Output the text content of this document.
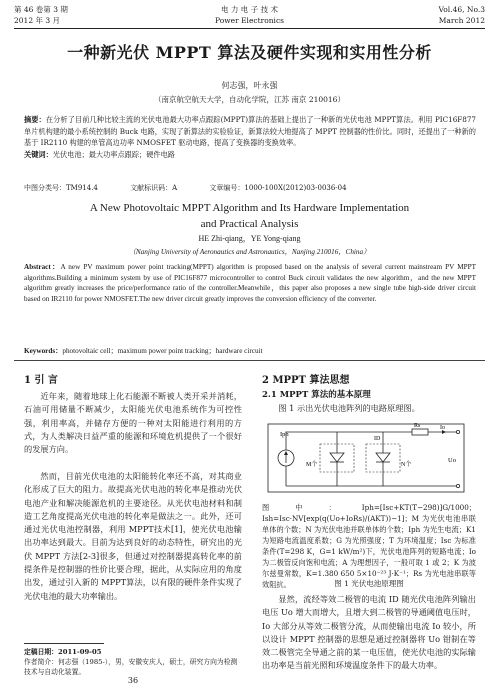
第 46 卷第 3 期
2012 年 3 月
电 力 电 子 技 术
Power Electronics
Vol.46, No.3
March 2012
一种新光伏 MPPT 算法及硬件实现和实用性分析
何志强，叶永强
（南京航空航天大学，自动化学院，江苏 南京 210016）
摘要：在分析了目前几种比较主流的光伏电池最大功率点跟踪(MPPT)算法的基础上提出了一种新的光伏电池 MPPT算法。利用 PIC16F877 单片机构建的最小系统控制的 Buck 电路，实现了新算法的实验验证，新算法较大地提高了 MPPT 控制器的性价比。同时，还提出了一种新的基于 IR2110 构建的单管高边功率 NMOSFET 驱动电路，提高了变换器的变换效率。
关键词：光伏电池；最大功率点跟踪；硬件电路
中图分类号：TM914.4	文献标识码：A	文章编号：1000-100X(2012)03-0036-04
A New Photovoltaic MPPT Algorithm and Its Hardware Implementation
and Practical Analysis
HE Zhi-qiang，YE Yong-qiang
（Nanjing University of Aeronautics and Astronautics，Nanjing 210016，China）
Abstract：A new PV maximum power point tracking(MPPT) algorithm is proposed based on the analysis of several current mainstream PV MPPT algorithms.Building a minimum system by use of PIC16F877 microcontroller to control Buck circuit validates the new algorithm，and the new MPPT algorithm greatly increases the price/performance ratio of the controller.Meanwhile，this paper also proposes a new single tube high-side driver circuit based on IR2110 for power NMOSFET.The new driver circuit greatly improves the conversion efficiency of the converter.
Keywords：photovoltaic cell；maximum power point tracking；hardware circuit
1 引 言
近年来，随着地球上化石能源不断被人类开采并消耗，石油可用储量不断减少，太阳能光伏电池系统作为可控性强，利用率高，并储存方便的一种对太阳能进行利用的方式，为人类解决日益严重的能源和环境危机提供了一个很好的发展方向。
然而，目前光伏电池的太阳能转化率还不高，对其商业化形成了巨大的阻力。故提高光伏电池的转化率是推动光伏电池产业和解决能源危机的主要途径。从光伏电池材料和制造工艺角度提高光伏电池的转化率是做法之一。此外，还可通过光伏电池控制器，利用 MPPT技术[1]，使光伏电池输出功率达到最大。目前为达到良好的动态特性，研究出的光伏 MPPT 方法[2-3]很多，但通过对控制器提高转化率的前提条件是控制器的性价比要合理，据此，从实际应用的角度出发，通过引入新的 MPPT算法，以有限的硬件条件实现了光伏电池的最大功率输出。
定稿日期：2011-09-05
作者简介：何志强（1985-），男，安徽安庆人，硕士，研究方向为检测技术与自动化装置。
36
2 MPPT 算法思想
2.1 MPPT 算法的基本原理
图 1 示出光伏电池阵列的电路原理图。
Iph
M个
ID
N个
Rs	Io
Uo
图中：Iph=[Isc+KT(T−298)]G/1000；Ish=Isc·NV[exp(q(Uo+IoRs)/(AKT))−1]；M 为光伏电池串联单体的个数；N 为光伏电池并联单体的个数；Iph 为光生电流；K1 为短路电流温度系数；G 为光照强度；T 为环境温度；Isc 为标准条件(T=298 K，G=1 kW/m²)下，光伏电池阵列的短路电流；Io 为二极管反向饱和电流；A 为理想因子，一般可取 1 或 2；K 为波尔兹曼常数，K=1.380 650 5×10⁻²³ J·K⁻¹；Rs 为光电池串联等效阻抗。	图 1 光伏电池原理图
显然，流经等效二极管的电流 ID 随光伏电池阵列输出电压 Uo 增大而增大，且增大到二极管的导通阈值电压时，Io 大部分从等效二极管分流，从而使输出电流 Io 较小，所以设计 MPPT 控制器的思想是通过控制器将 Uo 钳制在等效二极管完全导通之前的某一电压值，使光伏电池的实际输出功率是当前光照和环境温度条件下的最大功率。
